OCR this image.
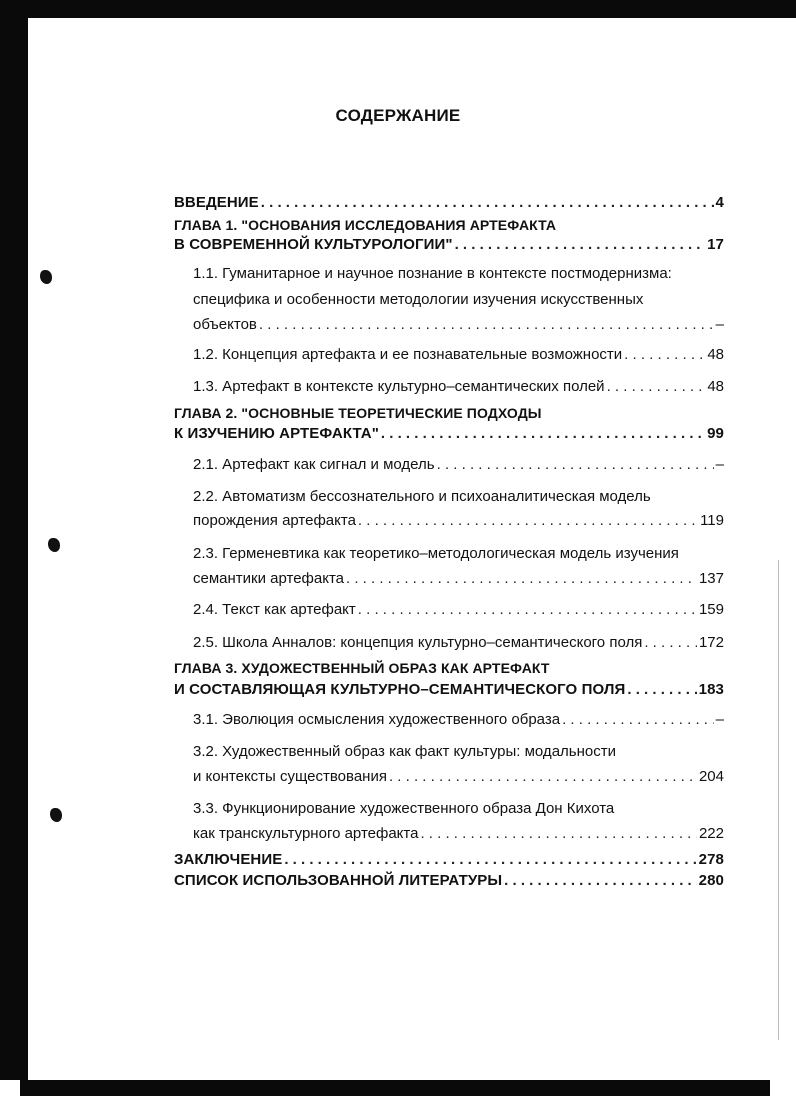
СОДЕРЖАНИЕ
ВВЕДЕНИЕ . . .	4
ГЛАВА 1. "ОСНОВАНИЯ ИССЛЕДОВАНИЯ АРТЕФАКТА
В СОВРЕМЕННОЙ КУЛЬТУРОЛОГИИ" . . .	17
1.1. Гуманитарное и научное познание в контексте постмодернизма:
специфика и особенности методологии изучения искусственных
объектов . . .	–
1.2. Концепция артефакта и ее познавательные возможности . . .	48
1.3. Артефакт в контексте культурно–семантических полей . . .	48
ГЛАВА 2. "ОСНОВНЫЕ ТЕОРЕТИЧЕСКИЕ ПОДХОДЫ
К ИЗУЧЕНИЮ АРТЕФАКТА" . . .	99
2.1. Артефакт как сигнал и модель . . .	–
2.2. Автоматизм бессознательного и психоаналитическая модель
порождения артефакта . . .	119
2.3. Герменевтика как теоретико–методологическая модель изучения
семантики артефакта . . .	137
2.4. Текст как артефакт . . .	159
2.5. Школа Анналов: концепция культурно–семантического поля . . .	172
ГЛАВА 3. ХУДОЖЕСТВЕННЫЙ ОБРАЗ КАК АРТЕФАКТ
И СОСТАВЛЯЮЩАЯ КУЛЬТУРНО–СЕМАНТИЧЕСКОГО ПОЛЯ . . .	183
3.1. Эволюция осмысления художественного образа . . .	–
3.2. Художественный образ как факт культуры: модальности
и контексты существования . . .	204
3.3. Функционирование художественного образа Дон Кихота
как транскультурного артефакта . . .	222
ЗАКЛЮЧЕНИЕ . . .	278
СПИСОК ИСПОЛЬЗОВАННОЙ ЛИТЕРАТУРЫ . . .	280
